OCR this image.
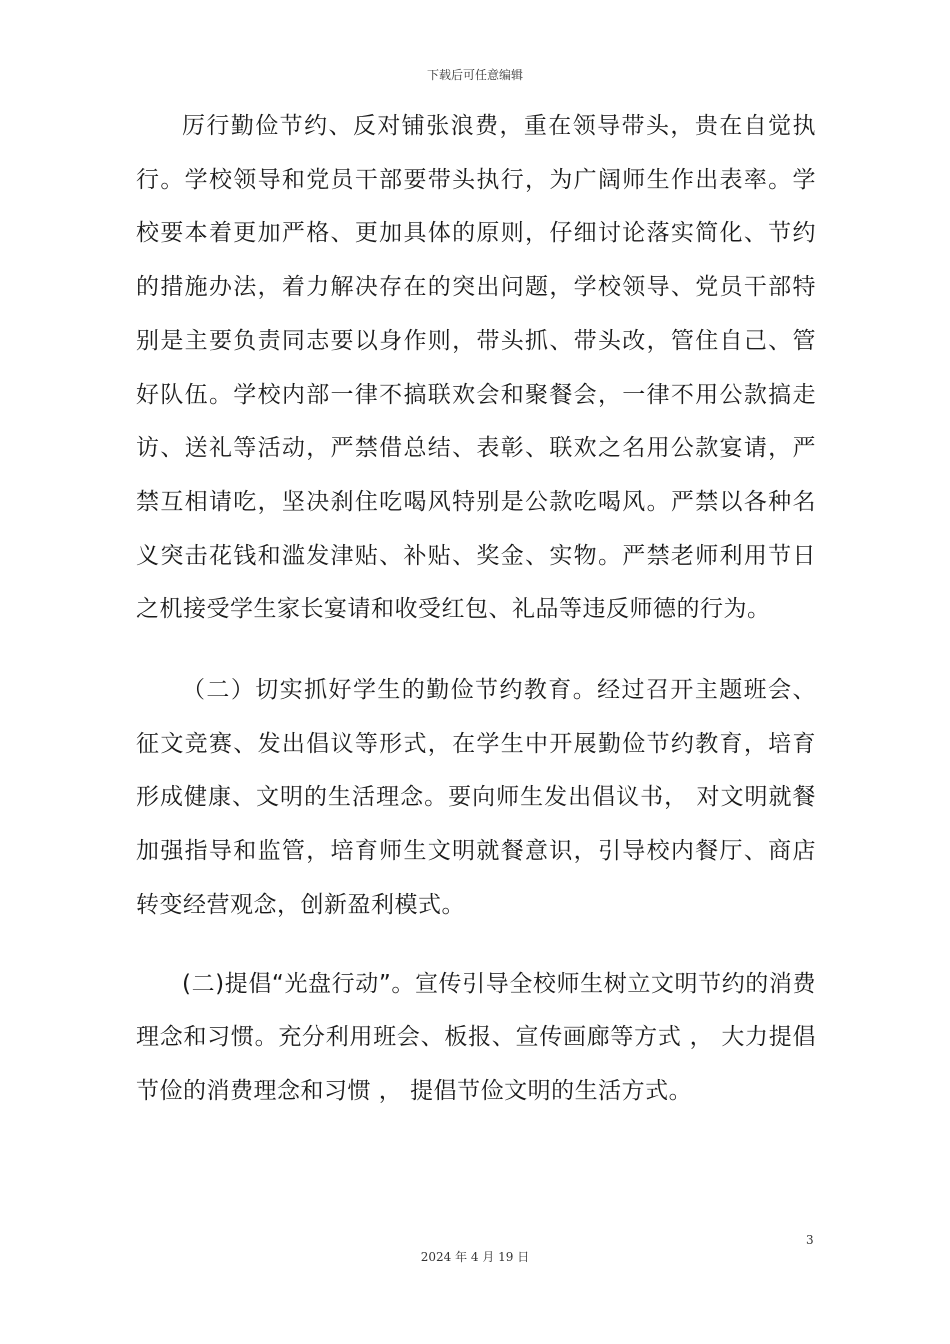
下载后可任意编辑

厉行勤俭节约、反对铺张浪费，重在领导带头，贵在自觉执行。学校领导和党员干部要带头执行，为广阔师生作出表率。学校要本着更加严格、更加具体的原则，仔细讨论落实简化、节约的措施办法，着力解决存在的突出问题，学校领导、党员干部特别是主要负责同志要以身作则，带头抓、带头改，管住自己、管好队伍。学校内部一律不搞联欢会和聚餐会，一律不用公款搞走访、送礼等活动，严禁借总结、表彰、联欢之名用公款宴请，严禁互相请吃，坚决刹住吃喝风特别是公款吃喝风。严禁以各种名义突击花钱和滥发津贴、补贴、奖金、实物。严禁老师利用节日之机接受学生家长宴请和收受红包、礼品等违反师德的行为。

（二）切实抓好学生的勤俭节约教育。经过召开主题班会、征文竞赛、发出倡议等形式，在学生中开展勤俭节约教育，培育形成健康、文明的生活理念。要向师生发出倡议书， 对文明就餐加强指导和监管，培育师生文明就餐意识，引导校内餐厅、商店转变经营观念，创新盈利模式。

(二)提倡“光盘行动”。宣传引导全校师生树立文明节约的消费理念和习惯。充分利用班会、板报、宣传画廊等方式 ， 大力提倡节俭的消费理念和习惯 ， 提倡节俭文明的生活方式。

3
2024 年 4 月 19 日
